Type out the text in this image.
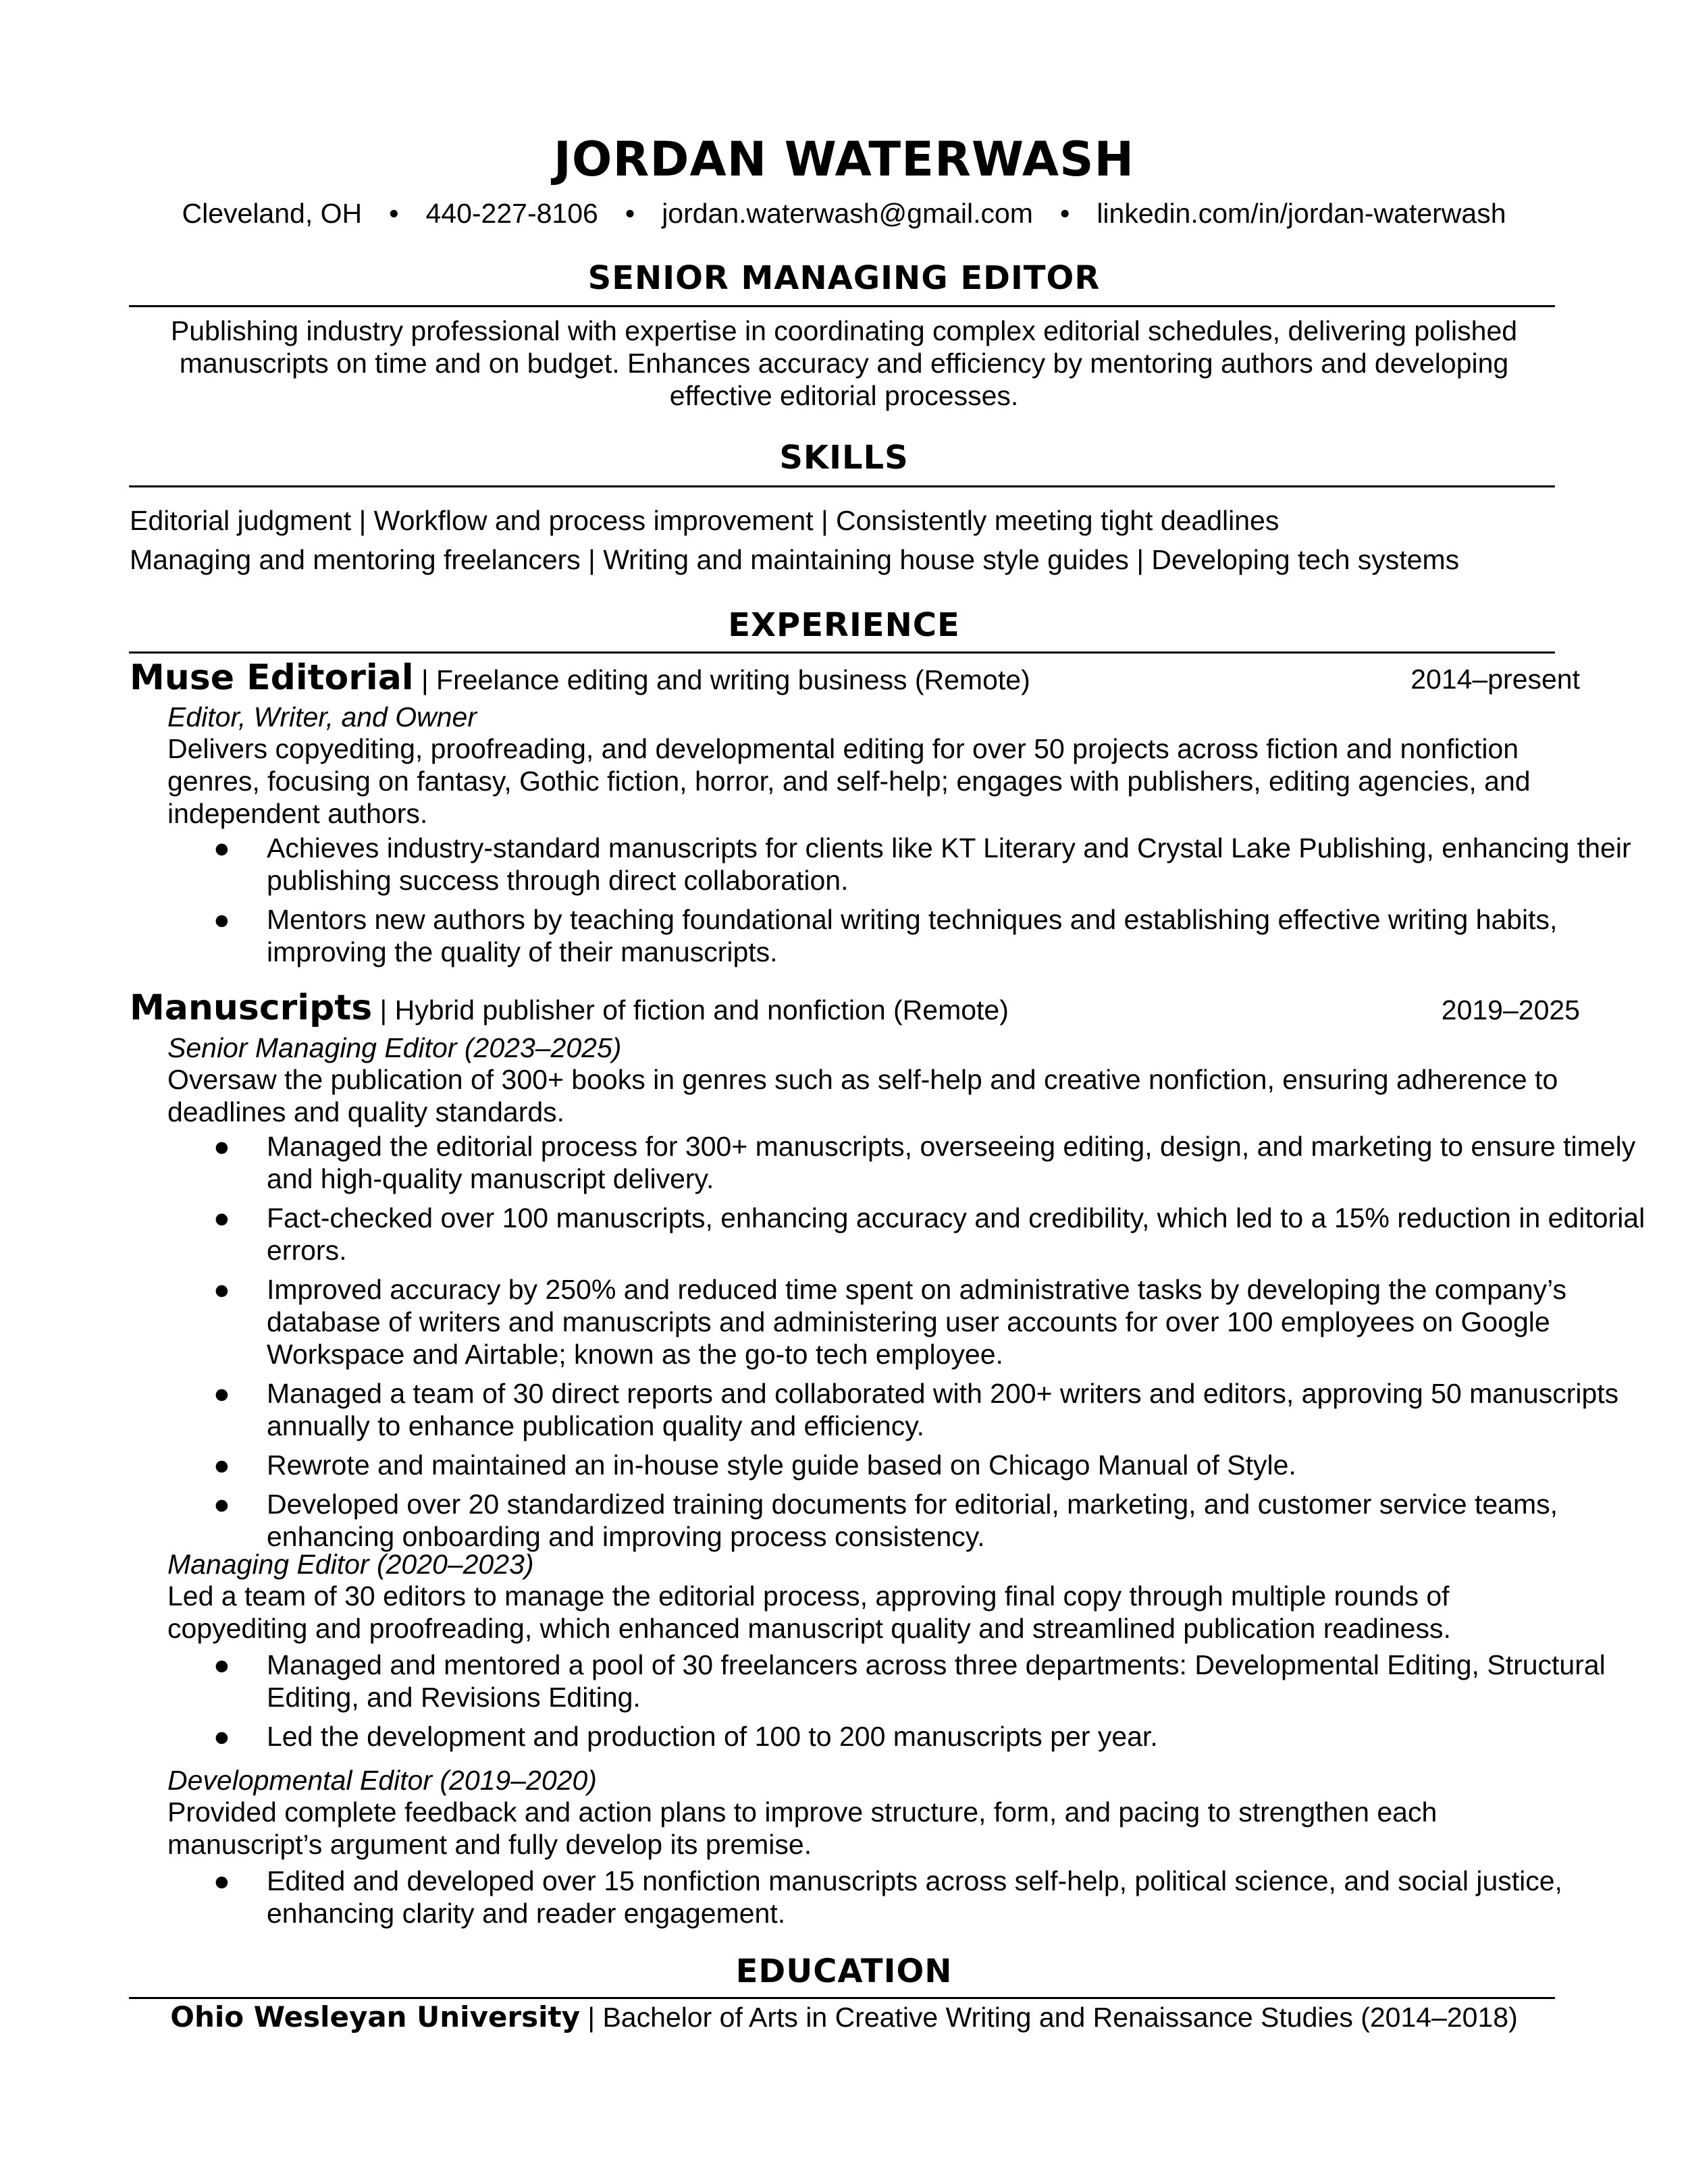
JORDAN WATERWASH
Cleveland, OH • 440-227-8106 • jordan.waterwash@gmail.com • linkedin.com/in/jordan-waterwash
SENIOR MANAGING EDITOR
Publishing industry professional with expertise in coordinating complex editorial schedules, delivering polished manuscripts on time and on budget. Enhances accuracy and efficiency by mentoring authors and developing effective editorial processes.
SKILLS
Editorial judgment | Workflow and process improvement | Consistently meeting tight deadlines
Managing and mentoring freelancers | Writing and maintaining house style guides | Developing tech systems
EXPERIENCE
Muse Editorial | Freelance editing and writing business (Remote)	2014–present
Editor, Writer, and Owner
Delivers copyediting, proofreading, and developmental editing for over 50 projects across fiction and nonfiction genres, focusing on fantasy, Gothic fiction, horror, and self-help; engages with publishers, editing agencies, and independent authors.
● Achieves industry-standard manuscripts for clients like KT Literary and Crystal Lake Publishing, enhancing their publishing success through direct collaboration.
● Mentors new authors by teaching foundational writing techniques and establishing effective writing habits, improving the quality of their manuscripts.
Manuscripts | Hybrid publisher of fiction and nonfiction (Remote)	2019–2025
Senior Managing Editor (2023–2025)
Oversaw the publication of 300+ books in genres such as self-help and creative nonfiction, ensuring adherence to deadlines and quality standards.
● Managed the editorial process for 300+ manuscripts, overseeing editing, design, and marketing to ensure timely and high-quality manuscript delivery.
● Fact-checked over 100 manuscripts, enhancing accuracy and credibility, which led to a 15% reduction in editorial errors.
● Improved accuracy by 250% and reduced time spent on administrative tasks by developing the company’s database of writers and manuscripts and administering user accounts for over 100 employees on Google Workspace and Airtable; known as the go-to tech employee.
● Managed a team of 30 direct reports and collaborated with 200+ writers and editors, approving 50 manuscripts annually to enhance publication quality and efficiency.
● Rewrote and maintained an in-house style guide based on Chicago Manual of Style.
● Developed over 20 standardized training documents for editorial, marketing, and customer service teams, enhancing onboarding and improving process consistency.
Managing Editor (2020–2023)
Led a team of 30 editors to manage the editorial process, approving final copy through multiple rounds of copyediting and proofreading, which enhanced manuscript quality and streamlined publication readiness.
● Managed and mentored a pool of 30 freelancers across three departments: Developmental Editing, Structural Editing, and Revisions Editing.
● Led the development and production of 100 to 200 manuscripts per year.
Developmental Editor (2019–2020)
Provided complete feedback and action plans to improve structure, form, and pacing to strengthen each manuscript’s argument and fully develop its premise.
● Edited and developed over 15 nonfiction manuscripts across self-help, political science, and social justice, enhancing clarity and reader engagement.
EDUCATION
Ohio Wesleyan University | Bachelor of Arts in Creative Writing and Renaissance Studies (2014–2018)
